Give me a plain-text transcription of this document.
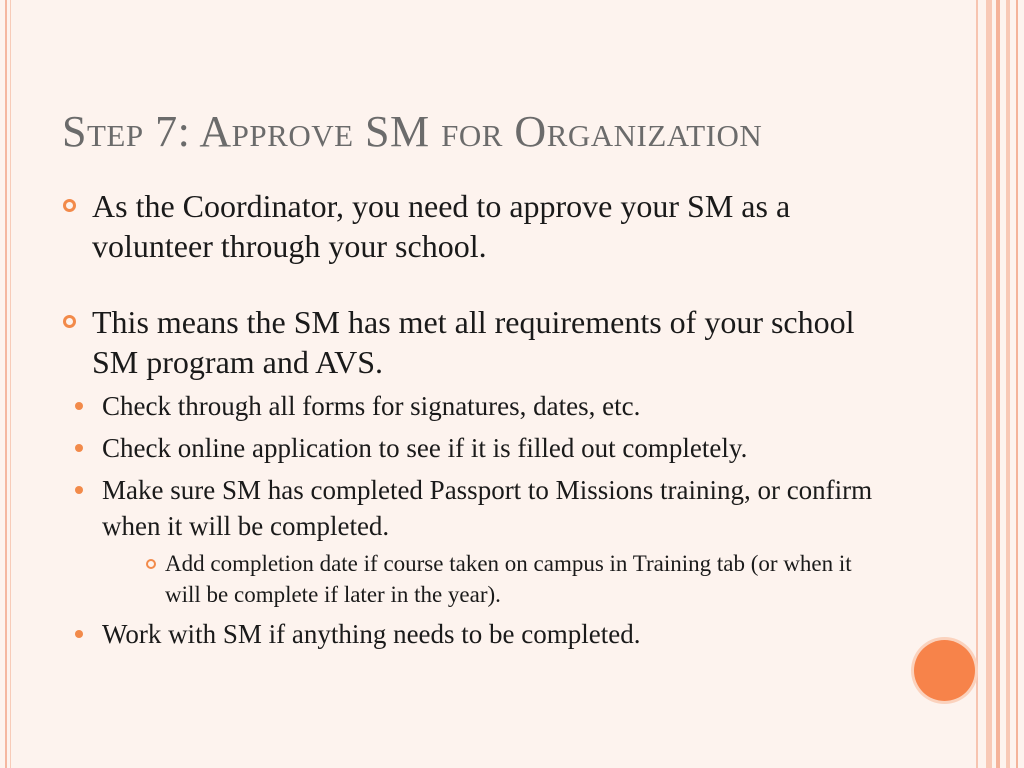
Step 7: Approve SM for Organization

As the Coordinator, you need to approve your SM as a volunteer through your school.

This means the SM has met all requirements of your school SM program and AVS.

Check through all forms for signatures, dates, etc.
Check online application to see if it is filled out completely.
Make sure SM has completed Passport to Missions training, or confirm when it will be completed.
Add completion date if course taken on campus in Training tab (or when it will be complete if later in the year).
Work with SM if anything needs to be completed.
